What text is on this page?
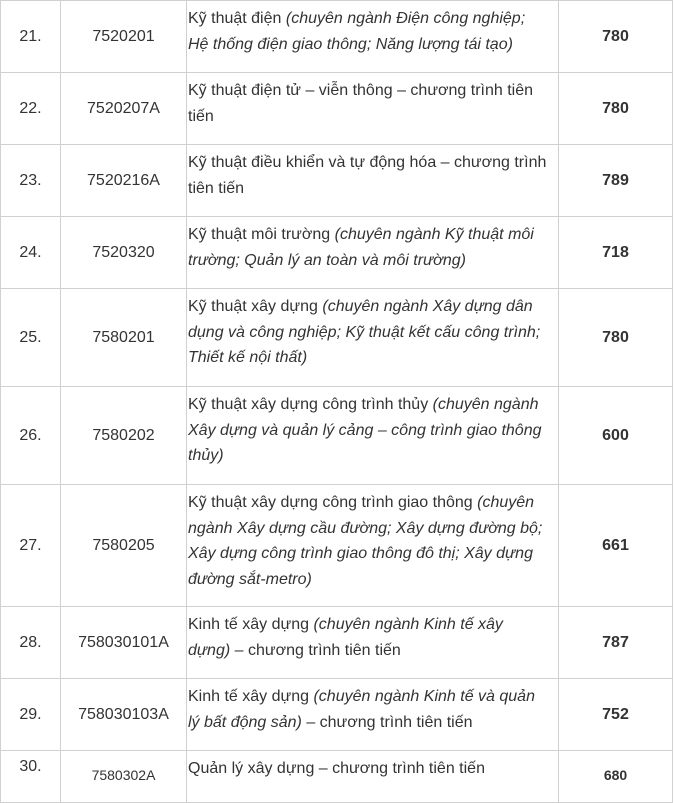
21.	7520201	Kỹ thuật điện (chuyên ngành Điện công nghiệp; Hệ thống điện giao thông; Năng lượng tái tạo)	780
22.	7520207A	Kỹ thuật điện tử – viễn thông – chương trình tiên tiến	780
23.	7520216A	Kỹ thuật điều khiển và tự động hóa – chương trình tiên tiến	789
24.	7520320	Kỹ thuật môi trường (chuyên ngành Kỹ thuật môi trường; Quản lý an toàn và môi trường)	718
25.	7580201	Kỹ thuật xây dựng (chuyên ngành Xây dựng dân dụng và công nghiệp; Kỹ thuật kết cấu công trình; Thiết kế nội thất)	780
26.	7580202	Kỹ thuật xây dựng công trình thủy (chuyên ngành Xây dựng và quản lý cảng – công trình giao thông thủy)	600
27.	7580205	Kỹ thuật xây dựng công trình giao thông (chuyên ngành Xây dựng cầu đường; Xây dựng đường bộ; Xây dựng công trình giao thông đô thị; Xây dựng đường sắt-metro)	661
28.	758030101A	Kinh tế xây dựng (chuyên ngành Kinh tế xây dựng) – chương trình tiên tiến	787
29.	758030103A	Kinh tế xây dựng (chuyên ngành Kinh tế và quản lý bất động sản) – chương trình tiên tiến	752
30.	7580302A	Quản lý xây dựng – chương trình tiên tiến	680
